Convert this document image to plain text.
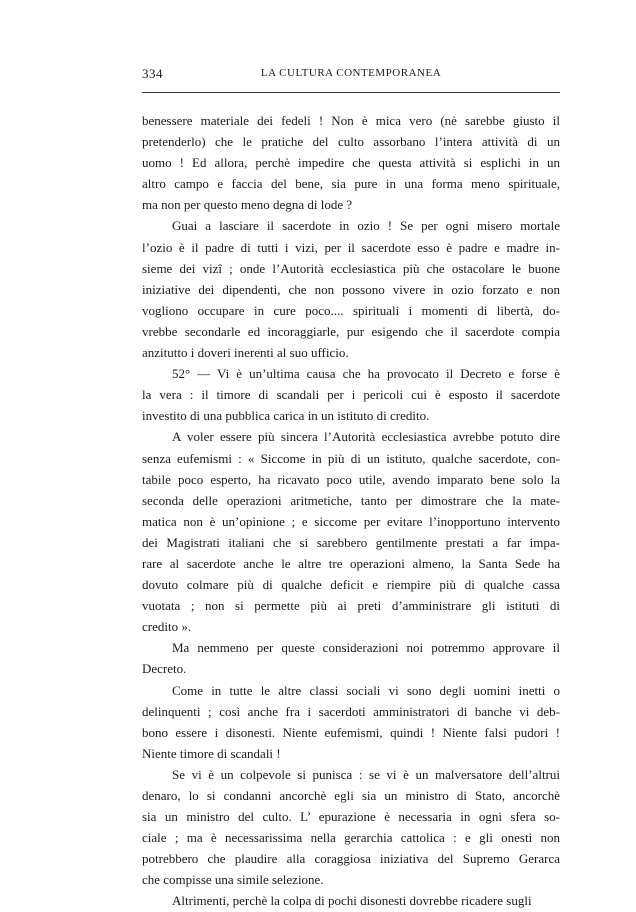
334	LA CULTURA CONTEMPORANEA

benessere materiale dei fedeli ! Non è mica vero (nè sarebbe giusto il
pretenderlo) che le pratiche del culto assorbano l’intera attività di un
uomo ! Ed allora, perchè impedire che questa attività si esplichi in un
altro campo e faccia del bene, sia pure in una forma meno spirituale,
ma non per questo meno degna di lode ?

Guai a lasciare il sacerdote in ozio ! Se per ogni misero mortale
l’ozio è il padre di tutti i vizi, per il sacerdote esso è padre e madre in-
sieme dei vizî ; onde l’Autorità ecclesiastica più che ostacolare le buone
iniziative dei dipendenti, che non possono vivere in ozio forzato e non
vogliono occupare in cure poco.... spirituali i momenti di libertà, do-
vrebbe secondarle ed incoraggiarle, pur esigendo che il sacerdote compia
anzitutto i doveri inerenti al suo ufficio.

52° — Vi è un’ultima causa che ha provocato il Decreto e forse è
la vera : il timore di scandali per i pericoli cui è esposto il sacerdote
investito di una pubblica carica in un istituto di credito.

A voler essere più sincera l’Autorità ecclesiastica avrebbe potuto dire
senza eufemismi : « Siccome in più di un istituto, qualche sacerdote, con-
tabile poco esperto, ha ricavato poco utile, avendo imparato bene solo la
seconda delle operazioni aritmetiche, tanto per dimostrare che la mate-
matica non è un’opinione ; e siccome per evitare l’inopportuno intervento
dei Magistrati italiani che si sarebbero gentilmente prestati a far impa-
rare al sacerdote anche le altre tre operazioni almeno, la Santa Sede ha
dovuto colmare più di qualche deficit e riempire più di qualche cassa
vuotata ; non si permette più ai preti d’amministrare gli istituti di
credito ».

Ma nemmeno per queste considerazioni noi potremmo approvare il
Decreto.

Come in tutte le altre classi sociali vi sono degli uomini inetti o
delinquenti ; così anche fra i sacerdoti amministratori di banche vi deb-
bono essere i disonesti. Niente eufemismi, quindi ! Niente falsi pudori !
Niente timore di scandali !

Se vi è un colpevole si punisca : se vi è un malversatore dell’altrui
denaro, lo si condanni ancorchè egli sia un ministro di Stato, ancorchè
sia un ministro del culto. L’ epurazione è necessaria in ogni sfera so-
ciale ; ma è necessarissima nella gerarchia cattolica : e gli onesti non
potrebbero che plaudire alla coraggiosa iniziativa del Supremo Gerarca
che compisse una simile selezione.

Altrimenti, perchè la colpa di pochi disonesti dovrebbe ricadere sugli
